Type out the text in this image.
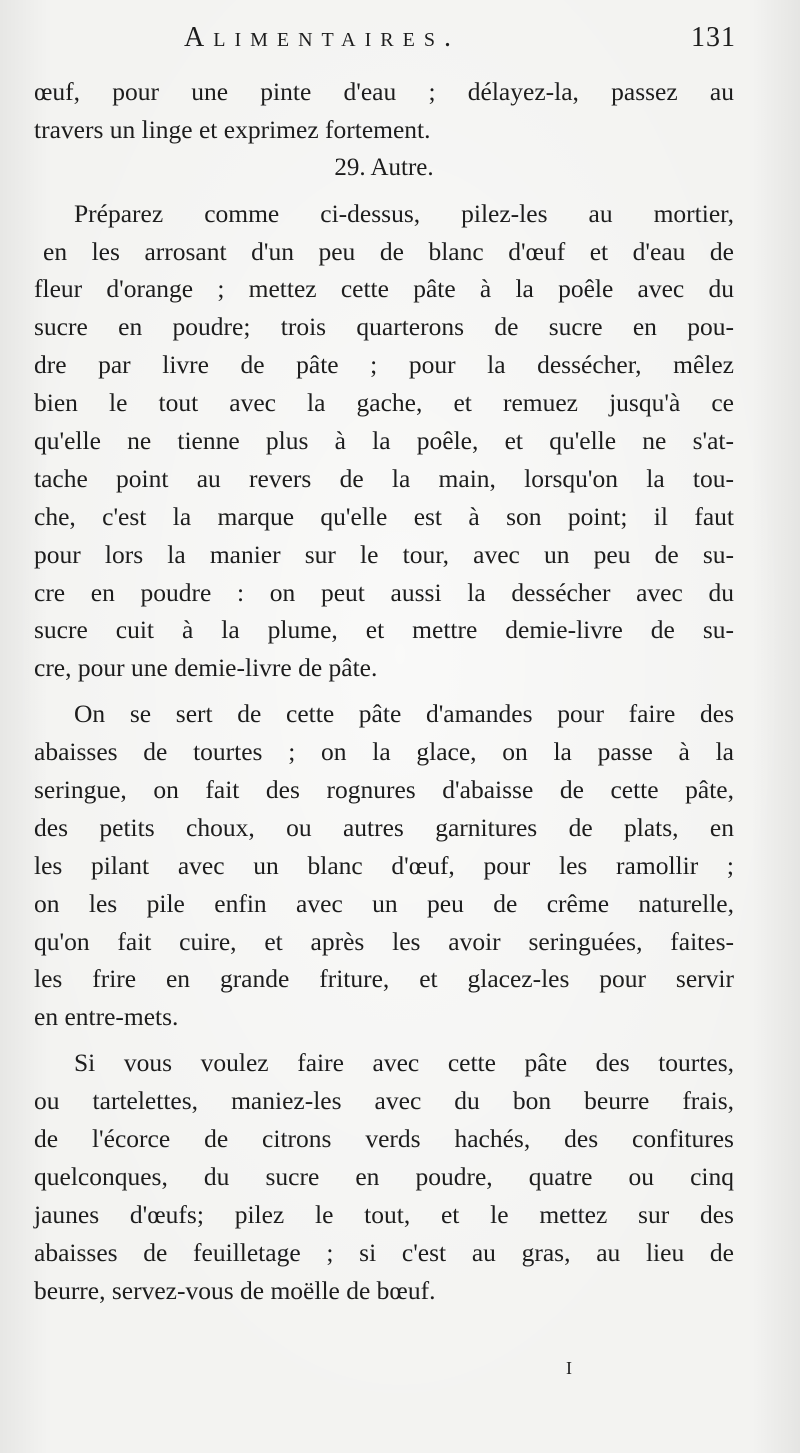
Alimentaires.	131
œuf, pour une pinte d'eau ; délayez-la, passez au
travers un linge et exprimez fortement.
29. Autre.
Préparez comme ci-dessus, pilez-les au mortier,
en les arrosant d'un peu de blanc d'œuf et d'eau de
fleur d'orange ; mettez cette pâte à la poêle avec du
sucre en poudre; trois quarterons de sucre en pou-
dre par livre de pâte ; pour la dessécher, mêlez
bien le tout avec la gache, et remuez jusqu'à ce
qu'elle ne tienne plus à la poêle, et qu'elle ne s'at-
tache point au revers de la main, lorsqu'on la tou-
che, c'est la marque qu'elle est à son point; il faut
pour lors la manier sur le tour, avec un peu de su-
cre en poudre : on peut aussi la dessécher avec du
sucre cuit à la plume, et mettre demie-livre de su-
cre, pour une demie-livre de pâte.
On se sert de cette pâte d'amandes pour faire des
abaisses de tourtes ; on la glace, on la passe à la
seringue, on fait des rognures d'abaisse de cette pâte,
des petits choux, ou autres garnitures de plats, en
les pilant avec un blanc d'œuf, pour les ramollir ;
on les pile enfin avec un peu de crême naturelle,
qu'on fait cuire, et après les avoir seringuées, faites-
les frire en grande friture, et glacez-les pour servir
en entre-mets.
Si vous voulez faire avec cette pâte des tourtes,
ou tartelettes, maniez-les avec du bon beurre frais,
de l'écorce de citrons verds hachés, des confitures
quelconques, du sucre en poudre, quatre ou cinq
jaunes d'œufs; pilez le tout, et le mettez sur des
abaisses de feuilletage ; si c'est au gras, au lieu de
beurre, servez-vous de moëlle de bœuf.
I
